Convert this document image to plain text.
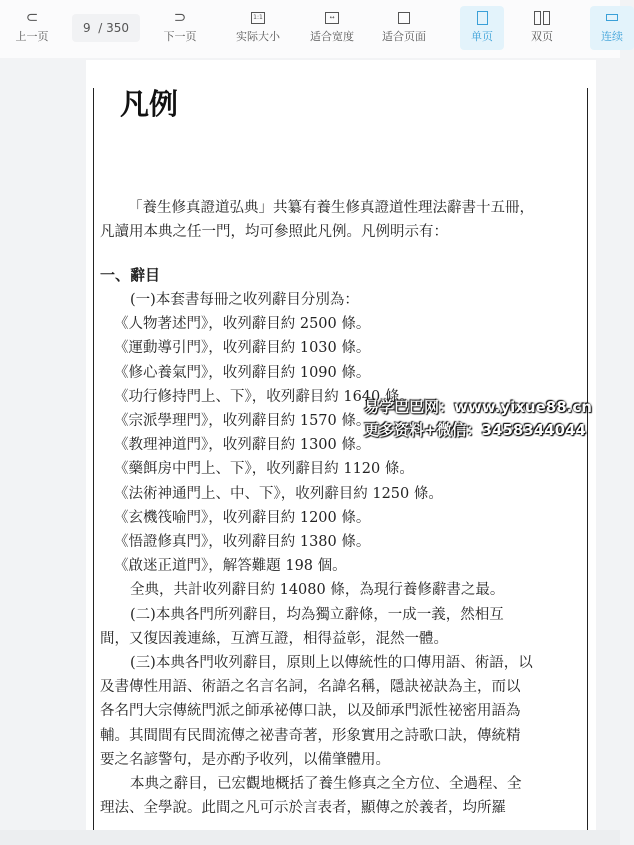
⊂
上一页
9 / 350
⊃
下一页
1:1
实际大小
↔
适合宽度	适合页面	单页	双页	连续
凡例
「養生修真證道弘典」共纂有養生修真證道性理法辭書十五冊，
凡讀用本典之任一門，均可參照此凡例。凡例明示有：
一、辭目
(一)本套書每冊之收列辭目分別為：
《人物著述門》，收列辭目約 2500 條。
《運動導引門》，收列辭目約 1030 條。
《修心養氣門》，收列辭目約 1090 條。
《功行修持門上、下》，收列辭目約 1640 條。
《宗派學理門》，收列辭目約 1570 條。
《教理神道門》，收列辭目約 1300 條。
《藥餌房中門上、下》，收列辭目約 1120 條。
《法術神通門上、中、下》，收列辭目約 1250 條。
《玄機筏喻門》，收列辭目約 1200 條。
《悟證修真門》，收列辭目約 1380 條。
《啟迷正道門》，解答難題 198 個。
全典，共計收列辭目約 14080 條，為現行養修辭書之最。
(二)本典各門所列辭目，均為獨立辭條，一成一義，然相互
間，又復因義連絲，互濟互證，相得益彰，混然一體。
(三)本典各門收列辭目，原則上以傳統性的口傳用語、術語，以
及書傳性用語、術語之名言名詞，名諱名稱，隱訣祕訣為主，而以
各名門大宗傳統門派之師承祕傳口訣，以及師承門派性祕密用語為
輔。其間間有民間流傳之祕書奇著，形象實用之詩歌口訣，傳統精
要之名諺警句，是亦酌予收列，以備肇體用。
本典之辭目，已宏觀地概括了養生修真之全方位、全過程、全
理法、全學說。此間之凡可示於言表者，顯傳之於義者，均所羅
易学巴巴网：www.yixue88.cn
更多资料+微信：3458344044
